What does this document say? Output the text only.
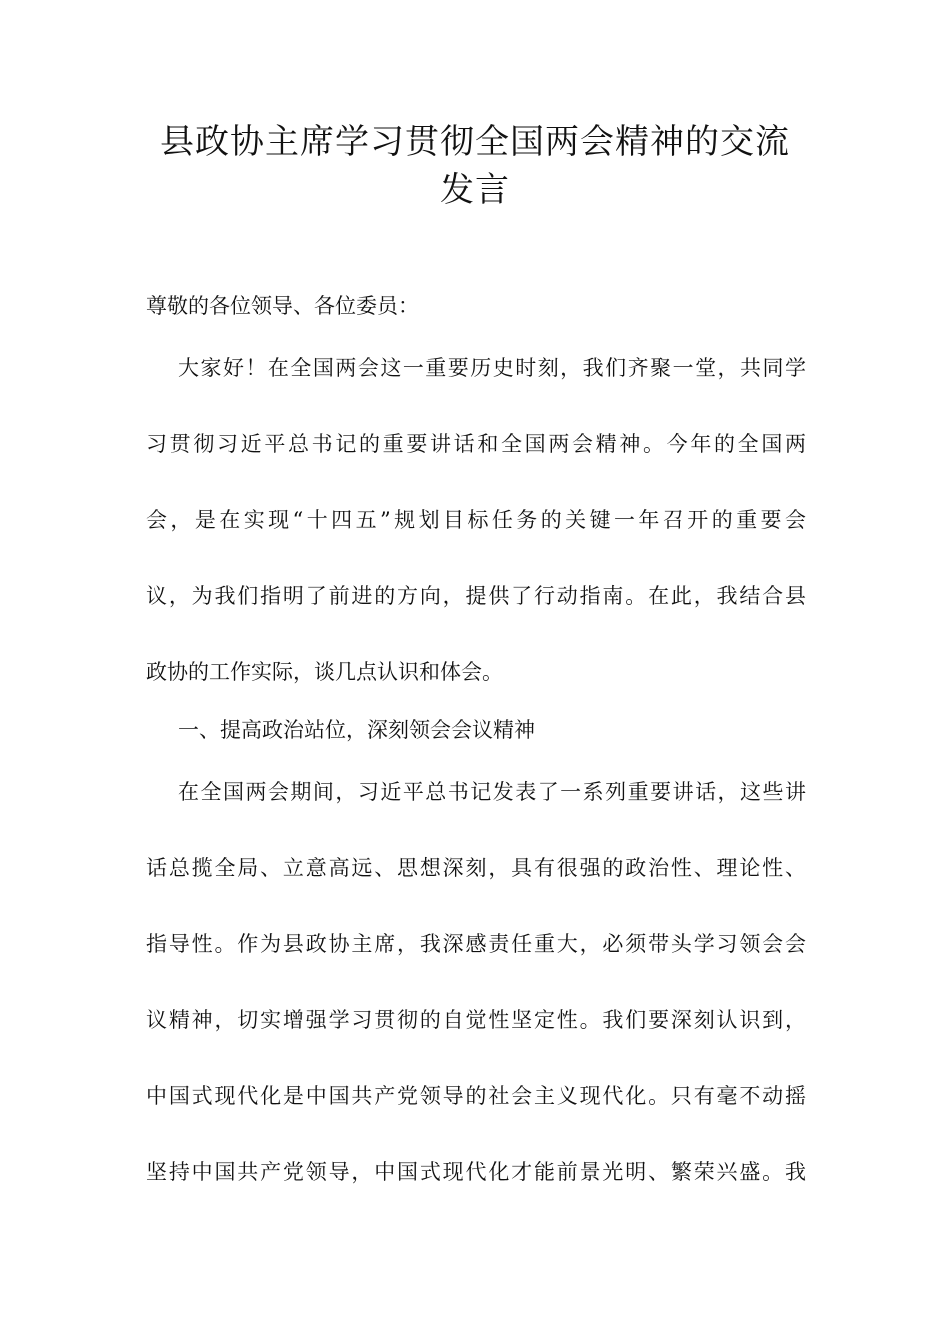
县政协主席学习贯彻全国两会精神的交流
发言
尊敬的各位领导、各位委员：
大家好！在全国两会这一重要历史时刻，我们齐聚一堂，共同学
习贯彻习近平总书记的重要讲话和全国两会精神。今年的全国两
会，是在实现“十四五”规划目标任务的关键一年召开的重要会
议，为我们指明了前进的方向，提供了行动指南。在此，我结合县
政协的工作实际，谈几点认识和体会。
一、提高政治站位，深刻领会会议精神
在全国两会期间，习近平总书记发表了一系列重要讲话，这些讲
话总揽全局、立意高远、思想深刻，具有很强的政治性、理论性、
指导性。作为县政协主席，我深感责任重大，必须带头学习领会会
议精神，切实增强学习贯彻的自觉性坚定性。我们要深刻认识到，
中国式现代化是中国共产党领导的社会主义现代化。只有毫不动摇
坚持中国共产党领导，中国式现代化才能前景光明、繁荣兴盛。我
